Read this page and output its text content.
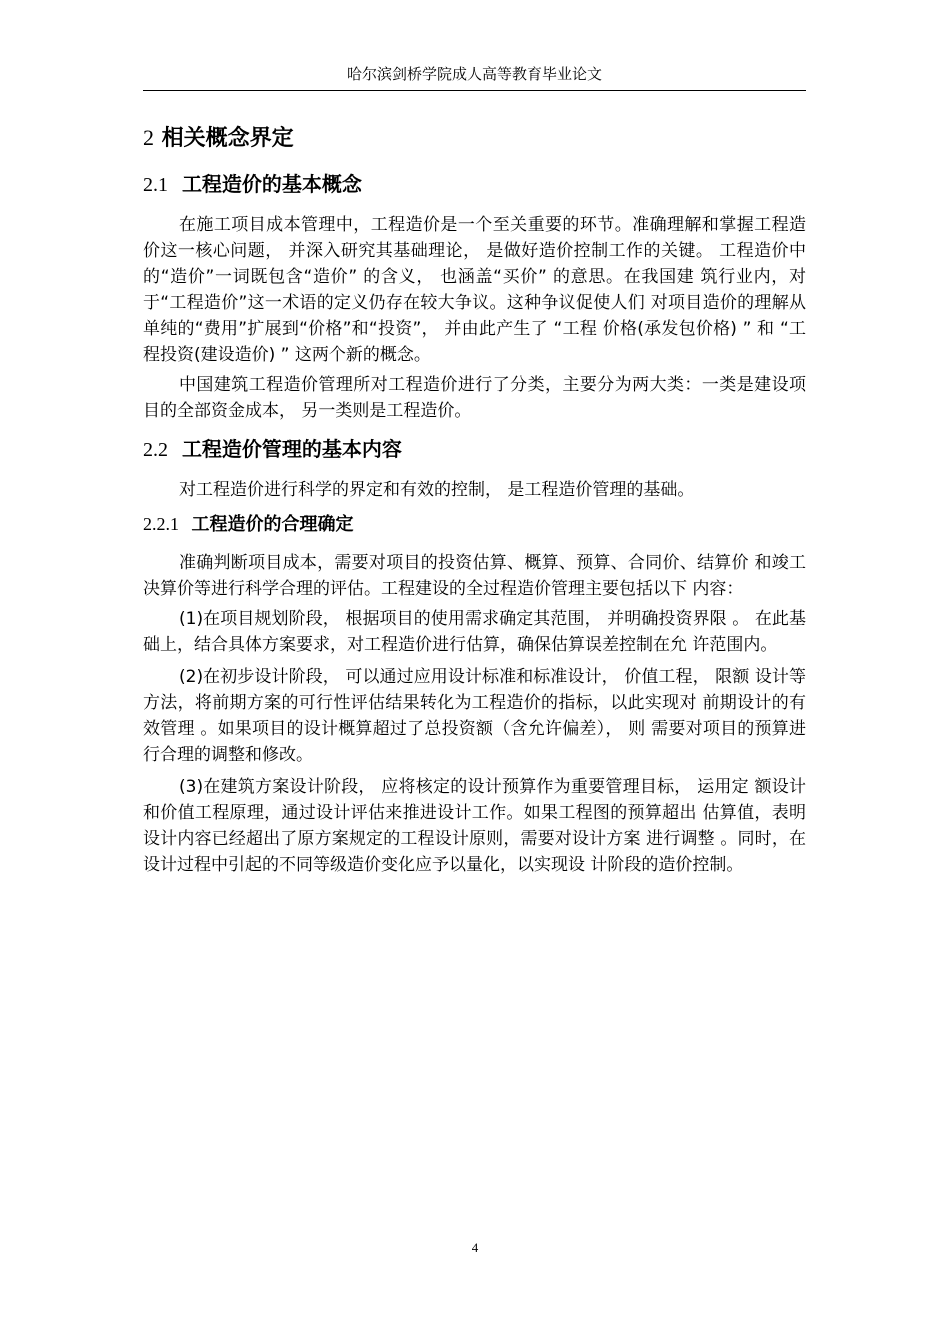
哈尔滨剑桥学院成人高等教育毕业论文
2 相关概念界定
2.1 工程造价的基本概念

在施工项目成本管理中，工程造价是一个至关重要的环节。准确理解和掌握工程造价这一核心问题， 并深入研究其基础理论， 是做好造价控制工作的关键。 工程造价中的“造价”一词既包含“造价” 的含义， 也涵盖“买价” 的意思。在我国建 筑行业内，对于“工程造价”这一术语的定义仍存在较大争议。这种争议促使人们 对项目造价的理解从单纯的“费用”扩展到“价格”和“投资”， 并由此产生了 “工程 价格(承发包价格) ” 和 “工程投资(建设造价) ” 这两个新的概念。

中国建筑工程造价管理所对工程造价进行了分类，主要分为两大类：一类是建设项目的全部资金成本， 另一类则是工程造价。

2.2 工程造价管理的基本内容

对工程造价进行科学的界定和有效的控制， 是工程造价管理的基础。

2.2.1 工程造价的合理确定

准确判断项目成本，需要对项目的投资估算、概算、预算、合同价、结算价 和竣工决算价等进行科学合理的评估。工程建设的全过程造价管理主要包括以下 内容：

(1)在项目规划阶段， 根据项目的使用需求确定其范围， 并明确投资界限 。 在此基础上，结合具体方案要求，对工程造价进行估算，确保估算误差控制在允 许范围内。

(2)在初步设计阶段， 可以通过应用设计标准和标准设计， 价值工程， 限额 设计等方法，将前期方案的可行性评估结果转化为工程造价的指标，以此实现对 前期设计的有效管理 。如果项目的设计概算超过了总投资额（含允许偏差）， 则 需要对项目的预算进行合理的调整和修改。

(3)在建筑方案设计阶段， 应将核定的设计预算作为重要管理目标， 运用定 额设计和价值工程原理，通过设计评估来推进设计工作。如果工程图的预算超出 估算值，表明设计内容已经超出了原方案规定的工程设计原则，需要对设计方案 进行调整 。同时，在设计过程中引起的不同等级造价变化应予以量化，以实现设 计阶段的造价控制。

4
